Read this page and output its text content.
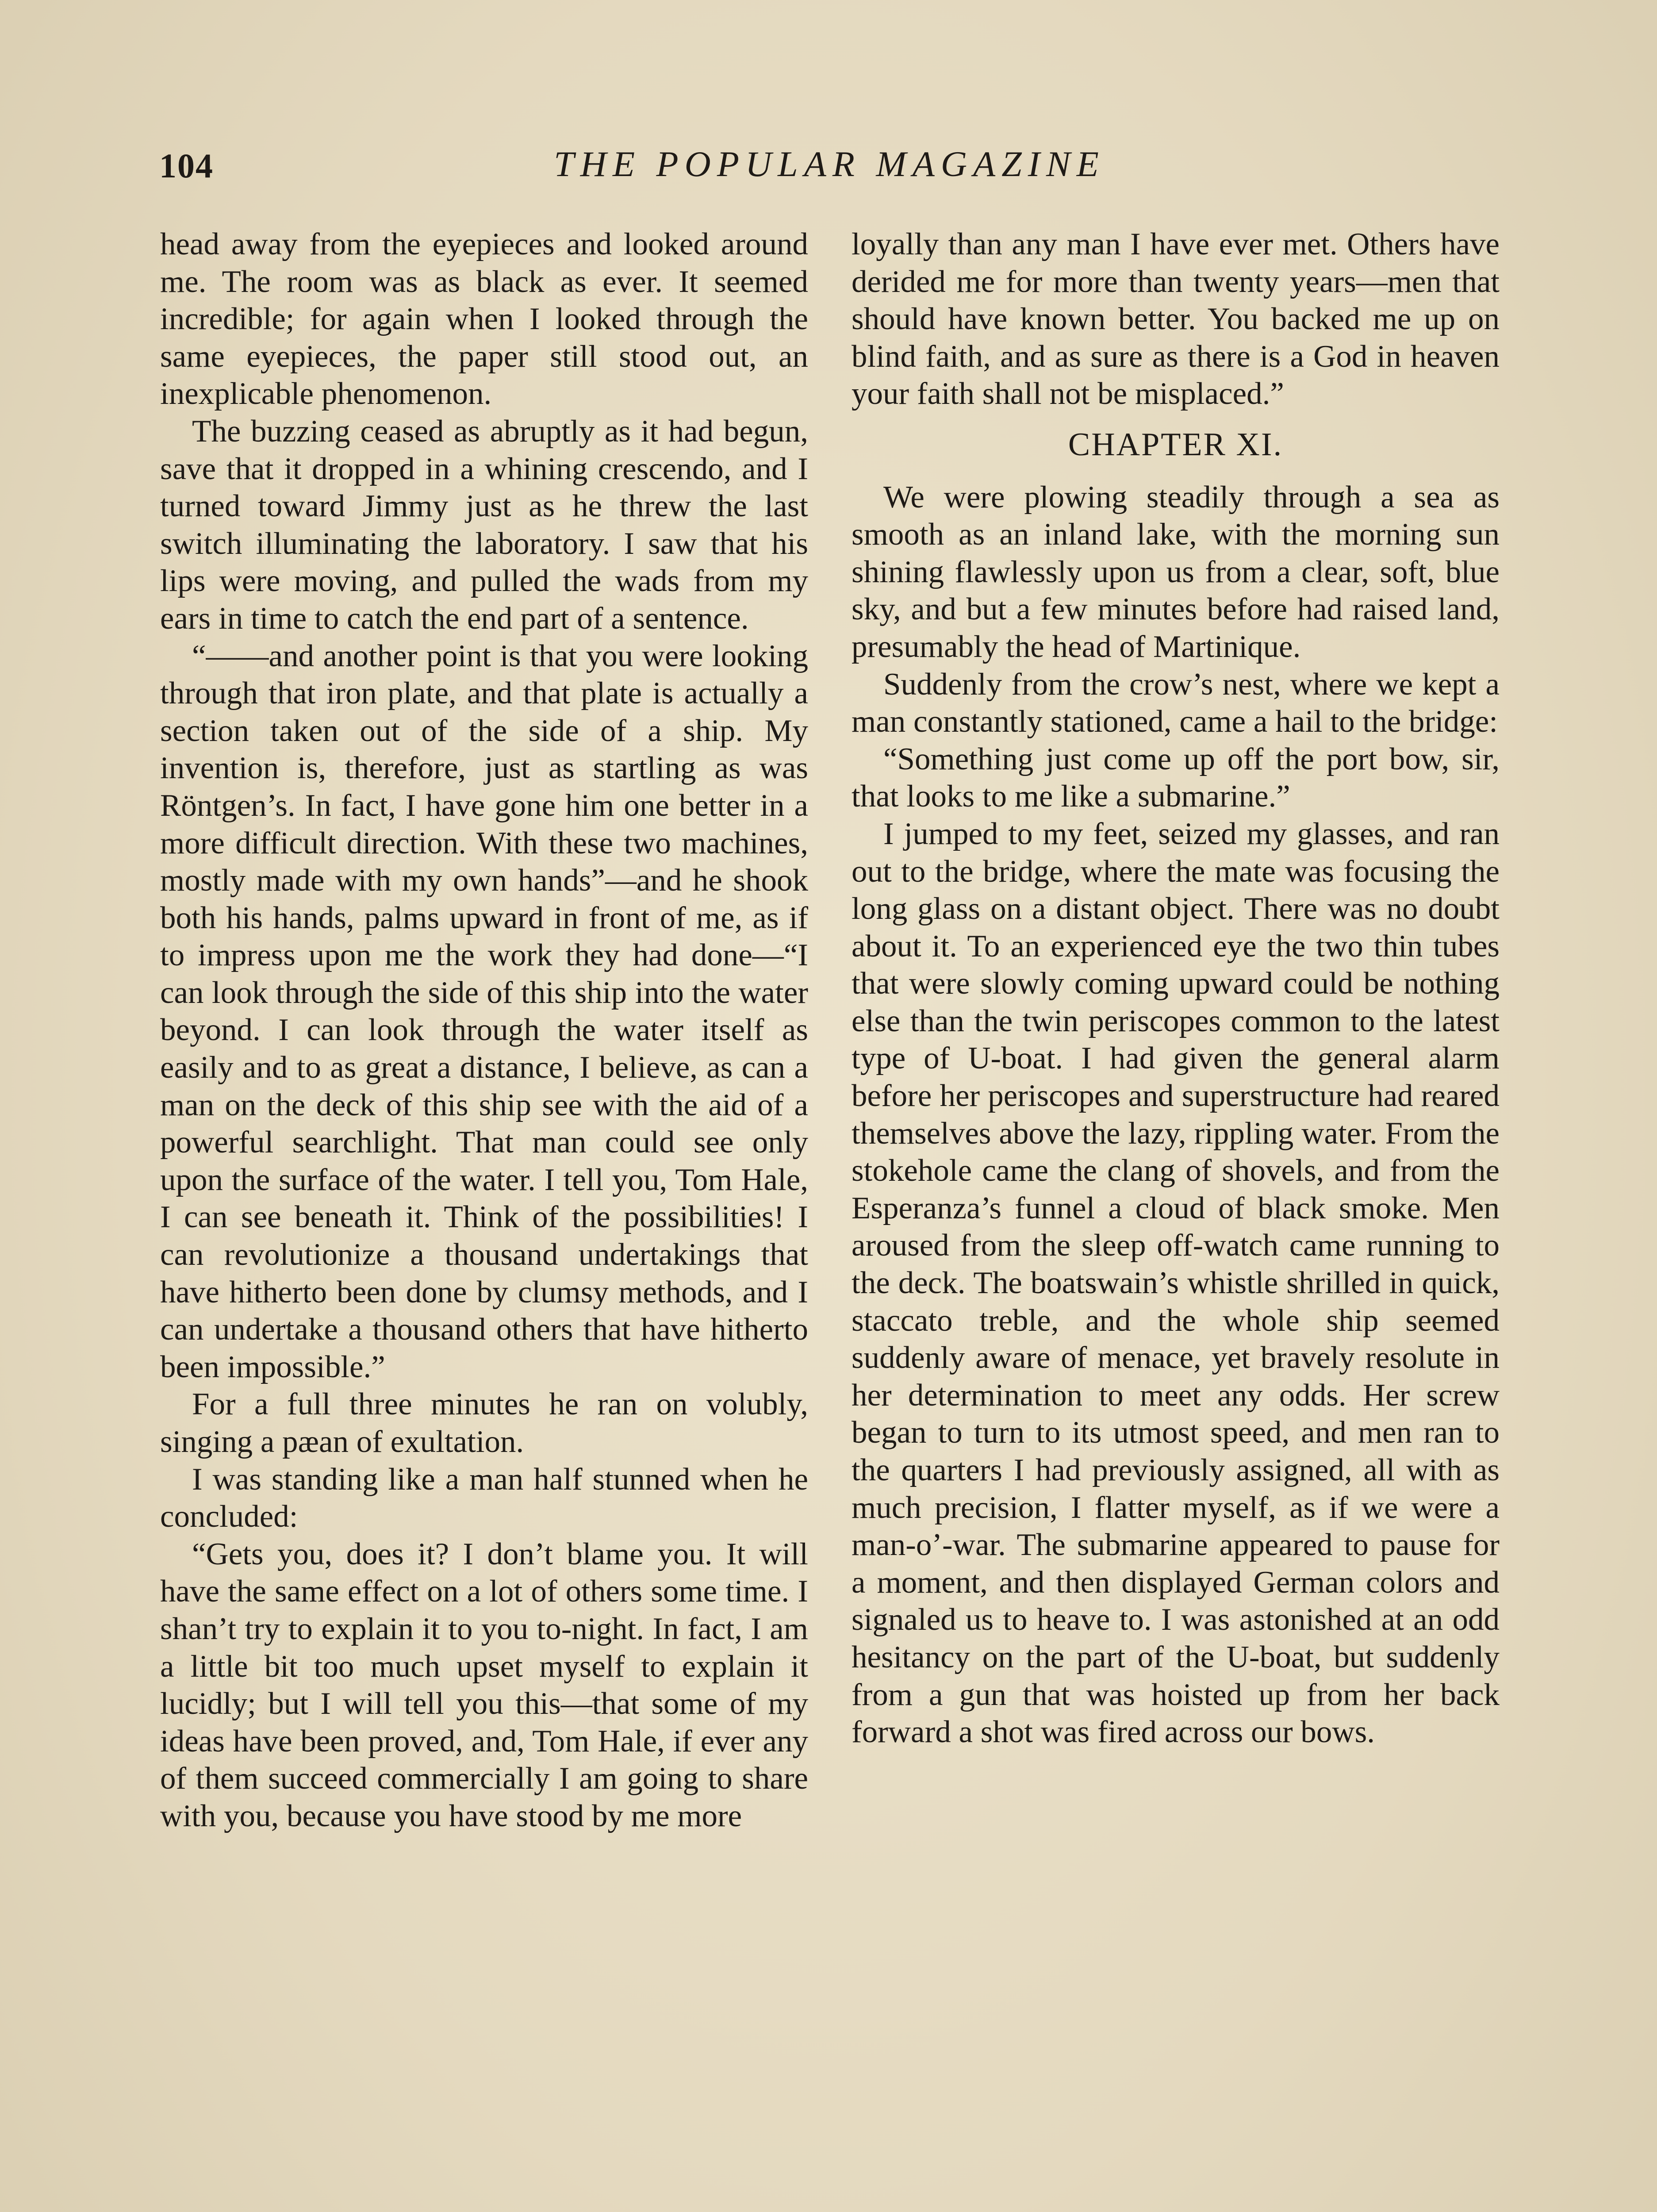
104	THE POPULAR MAGAZINE

head away from the eyepieces and looked around me. The room was as black as ever. It seemed incredible; for again when I looked through the same eyepieces, the paper still stood out, an inexplicable phenomenon.

The buzzing ceased as abruptly as it had begun, save that it dropped in a whining crescendo, and I turned toward Jimmy just as he threw the last switch illuminating the laboratory. I saw that his lips were moving, and pulled the wads from my ears in time to catch the end part of a sentence.

“——and another point is that you were looking through that iron plate, and that plate is actually a section taken out of the side of a ship. My invention is, therefore, just as startling as was Röntgen’s. In fact, I have gone him one better in a more difficult direction. With these two machines, mostly made with my own hands”—and he shook both his hands, palms upward in front of me, as if to impress upon me the work they had done—“I can look through the side of this ship into the water beyond. I can look through the water itself as easily and to as great a distance, I believe, as can a man on the deck of this ship see with the aid of a powerful searchlight. That man could see only upon the surface of the water. I tell you, Tom Hale, I can see beneath it. Think of the possibilities! I can revolutionize a thousand undertakings that have hitherto been done by clumsy methods, and I can undertake a thousand others that have hitherto been impossible.”

For a full three minutes he ran on volubly, singing a pæan of exultation.

I was standing like a man half stunned when he concluded:

“Gets you, does it? I don’t blame you. It will have the same effect on a lot of others some time. I shan’t try to explain it to you to-night. In fact, I am a little bit too much upset myself to explain it lucidly; but I will tell you this—that some of my ideas have been proved, and, Tom Hale, if ever any of them succeed commercially I am going to share with you, because you have stood by me more

loyally than any man I have ever met. Others have derided me for more than twenty years—men that should have known better. You backed me up on blind faith, and as sure as there is a God in heaven your faith shall not be misplaced.”

CHAPTER XI.

We were plowing steadily through a sea as smooth as an inland lake, with the morning sun shining flawlessly upon us from a clear, soft, blue sky, and but a few minutes before had raised land, presumably the head of Martinique.

Suddenly from the crow’s nest, where we kept a man constantly stationed, came a hail to the bridge:

“Something just come up off the port bow, sir, that looks to me like a submarine.”

I jumped to my feet, seized my glasses, and ran out to the bridge, where the mate was focusing the long glass on a distant object. There was no doubt about it. To an experienced eye the two thin tubes that were slowly coming upward could be nothing else than the twin periscopes common to the latest type of U-boat. I had given the general alarm before her periscopes and superstructure had reared themselves above the lazy, rippling water. From the stokehole came the clang of shovels, and from the Esperanza’s funnel a cloud of black smoke. Men aroused from the sleep off-watch came running to the deck. The boatswain’s whistle shrilled in quick, staccato treble, and the whole ship seemed suddenly aware of menace, yet bravely resolute in her determination to meet any odds. Her screw began to turn to its utmost speed, and men ran to the quarters I had previously assigned, all with as much precision, I flatter myself, as if we were a man-o’-war. The submarine appeared to pause for a moment, and then displayed German colors and signaled us to heave to. I was astonished at an odd hesitancy on the part of the U-boat, but suddenly from a gun that was hoisted up from her back forward a shot was fired across our bows.
